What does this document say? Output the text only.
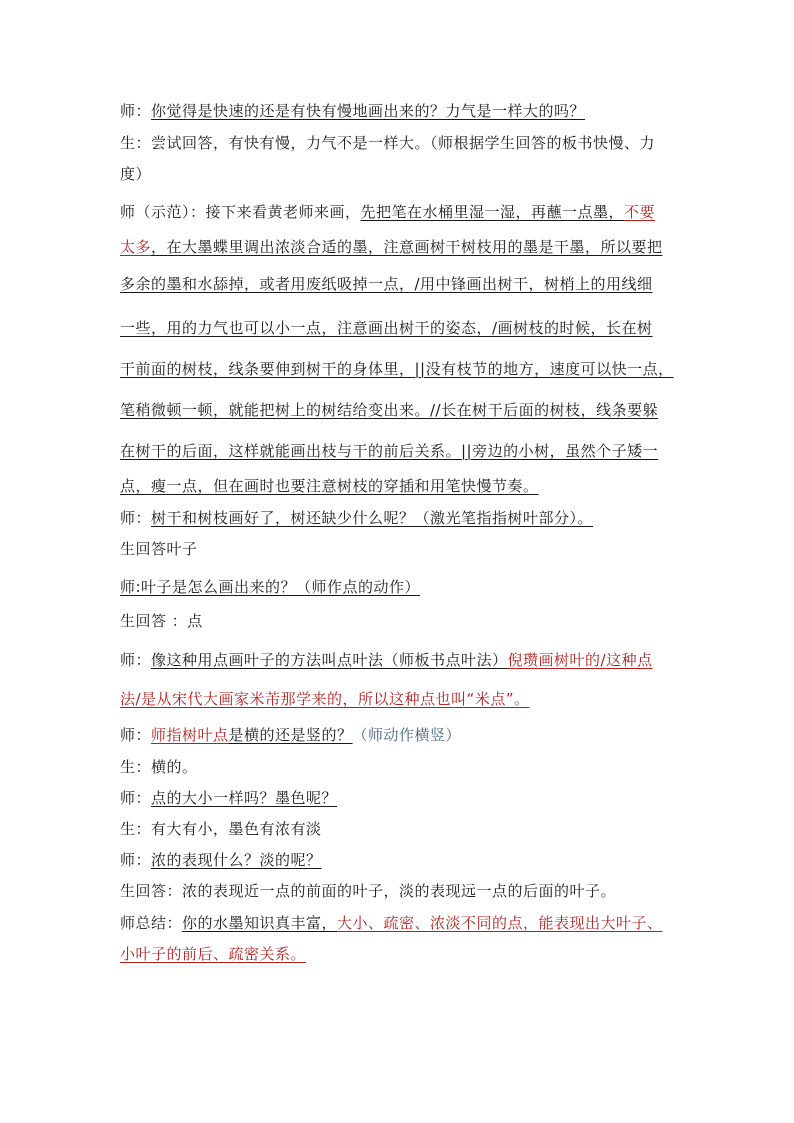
师：你觉得是快速的还是有快有慢地画出来的？力气是一样大的吗？
生：尝试回答，有快有慢，力气不是一样大。（师根据学生回答的板书快慢、力
度）
师（示范）：接下来看黄老师来画，先把笔在水桶里湿一湿，再蘸一点墨，不要
太多，在大墨蝶里调出浓淡合适的墨，注意画树干树枝用的墨是干墨，所以要把
多余的墨和水舔掉，或者用废纸吸掉一点，/用中锋画出树干，树梢上的用线细
一些，用的力气也可以小一点，注意画出树干的姿态，/画树枝的时候，长在树
干前面的树枝，线条要伸到树干的身体里，||没有枝节的地方，速度可以快一点，
笔稍微顿一顿，就能把树上的树结给变出来。//长在树干后面的树枝，线条要躲
在树干的后面，这样就能画出枝与干的前后关系。||旁边的小树，虽然个子矮一
点，瘦一点，但在画时也要注意树枝的穿插和用笔快慢节奏。
师：树干和树枝画好了，树还缺少什么呢？（激光笔指指树叶部分）。
生回答叶子
师:叶子是怎么画出来的？（师作点的动作）
生回答 ：点
师：像这种用点画叶子的方法叫点叶法（师板书点叶法）倪瓒画树叶的/这种点
法/是从宋代大画家米芾那学来的，所以这种点也叫“米点”。
师：师指树叶点是横的还是竖的？（师动作横竖）
生：横的。
师：点的大小一样吗？墨色呢？
生：有大有小，墨色有浓有淡
师：浓的表现什么？淡的呢？
生回答：浓的表现近一点的前面的叶子，淡的表现远一点的后面的叶子。
师总结：你的水墨知识真丰富，大小、疏密、浓淡不同的点，能表现出大叶子、
小叶子的前后、疏密关系。
